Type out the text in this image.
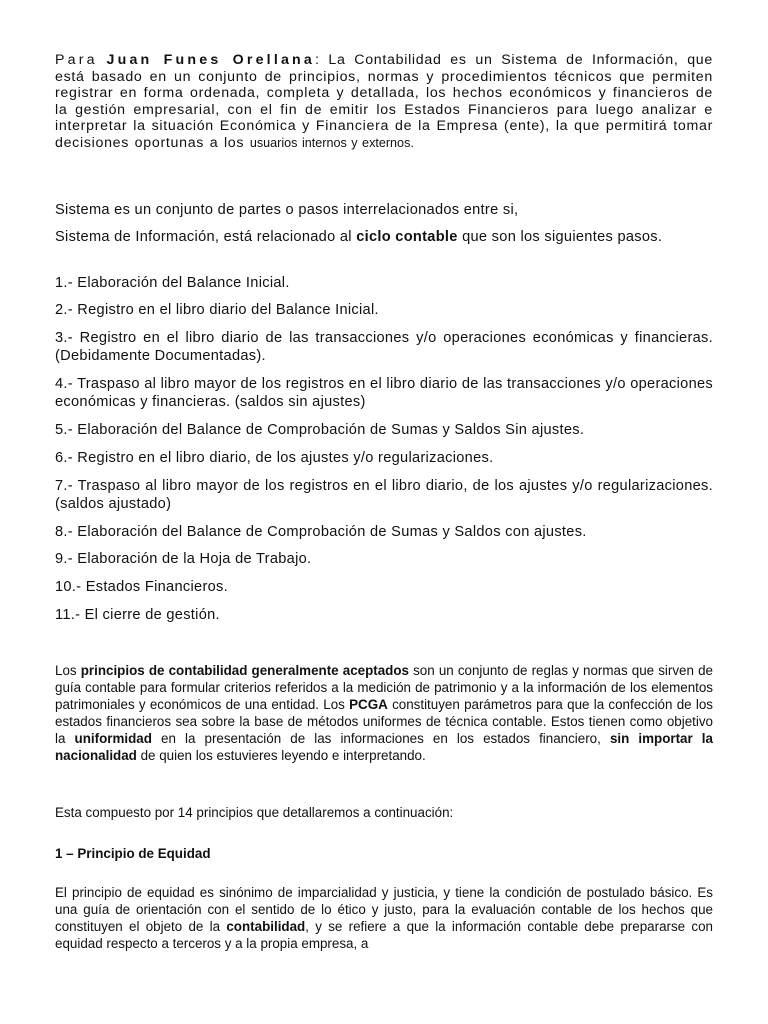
Para Juan Funes Orellana: La Contabilidad es un Sistema de Información, que está basado en un conjunto de principios, normas y procedimientos técnicos que permiten registrar en forma ordenada, completa y detallada, los hechos económicos y financieros de la gestión empresarial, con el fin de emitir los Estados Financieros para luego analizar e interpretar la situación Económica y Financiera de la Empresa (ente), la que permitirá tomar decisiones oportunas a los usuarios internos y externos.

Sistema es un conjunto de partes o pasos interrelacionados entre si,

Sistema de Información, está relacionado al ciclo contable que son los siguientes pasos.

1.- Elaboración del Balance Inicial.

2.- Registro en el libro diario del Balance Inicial.

3.- Registro en el libro diario de las transacciones y/o operaciones económicas y financieras. (Debidamente Documentadas).

4.- Traspaso al libro mayor de los registros en el libro diario de las transacciones y/o operaciones económicas y financieras. (saldos sin ajustes)

5.- Elaboración del Balance de Comprobación de Sumas y Saldos Sin ajustes.

6.- Registro en el libro diario, de los ajustes y/o regularizaciones.

7.- Traspaso al libro mayor de los registros en el libro diario, de los ajustes y/o regularizaciones. (saldos ajustado)

8.- Elaboración del Balance de Comprobación de Sumas y Saldos con ajustes.

9.- Elaboración de la Hoja de Trabajo.

10.- Estados Financieros.

11.- El cierre de gestión.

Los principios de contabilidad generalmente aceptados son un conjunto de reglas y normas que sirven de guía contable para formular criterios referidos a la medición de patrimonio y a la información de los elementos patrimoniales y económicos de una entidad. Los PCGA constituyen parámetros para que la confección de los estados financieros sea sobre la base de métodos uniformes de técnica contable. Estos tienen como objetivo la uniformidad en la presentación de las informaciones en los estados financiero, sin importar la nacionalidad de quien los estuvieres leyendo e interpretando.

Esta compuesto por 14 principios que detallaremos a continuación:

1 – Principio de Equidad

El principio de equidad es sinónimo de imparcialidad y justicia, y tiene la condición de postulado básico. Es una guía de orientación con el sentido de lo ético y justo, para la evaluación contable de los hechos que constituyen el objeto de la contabilidad, y se refiere a que la información contable debe prepararse con equidad respecto a terceros y a la propia empresa, a
